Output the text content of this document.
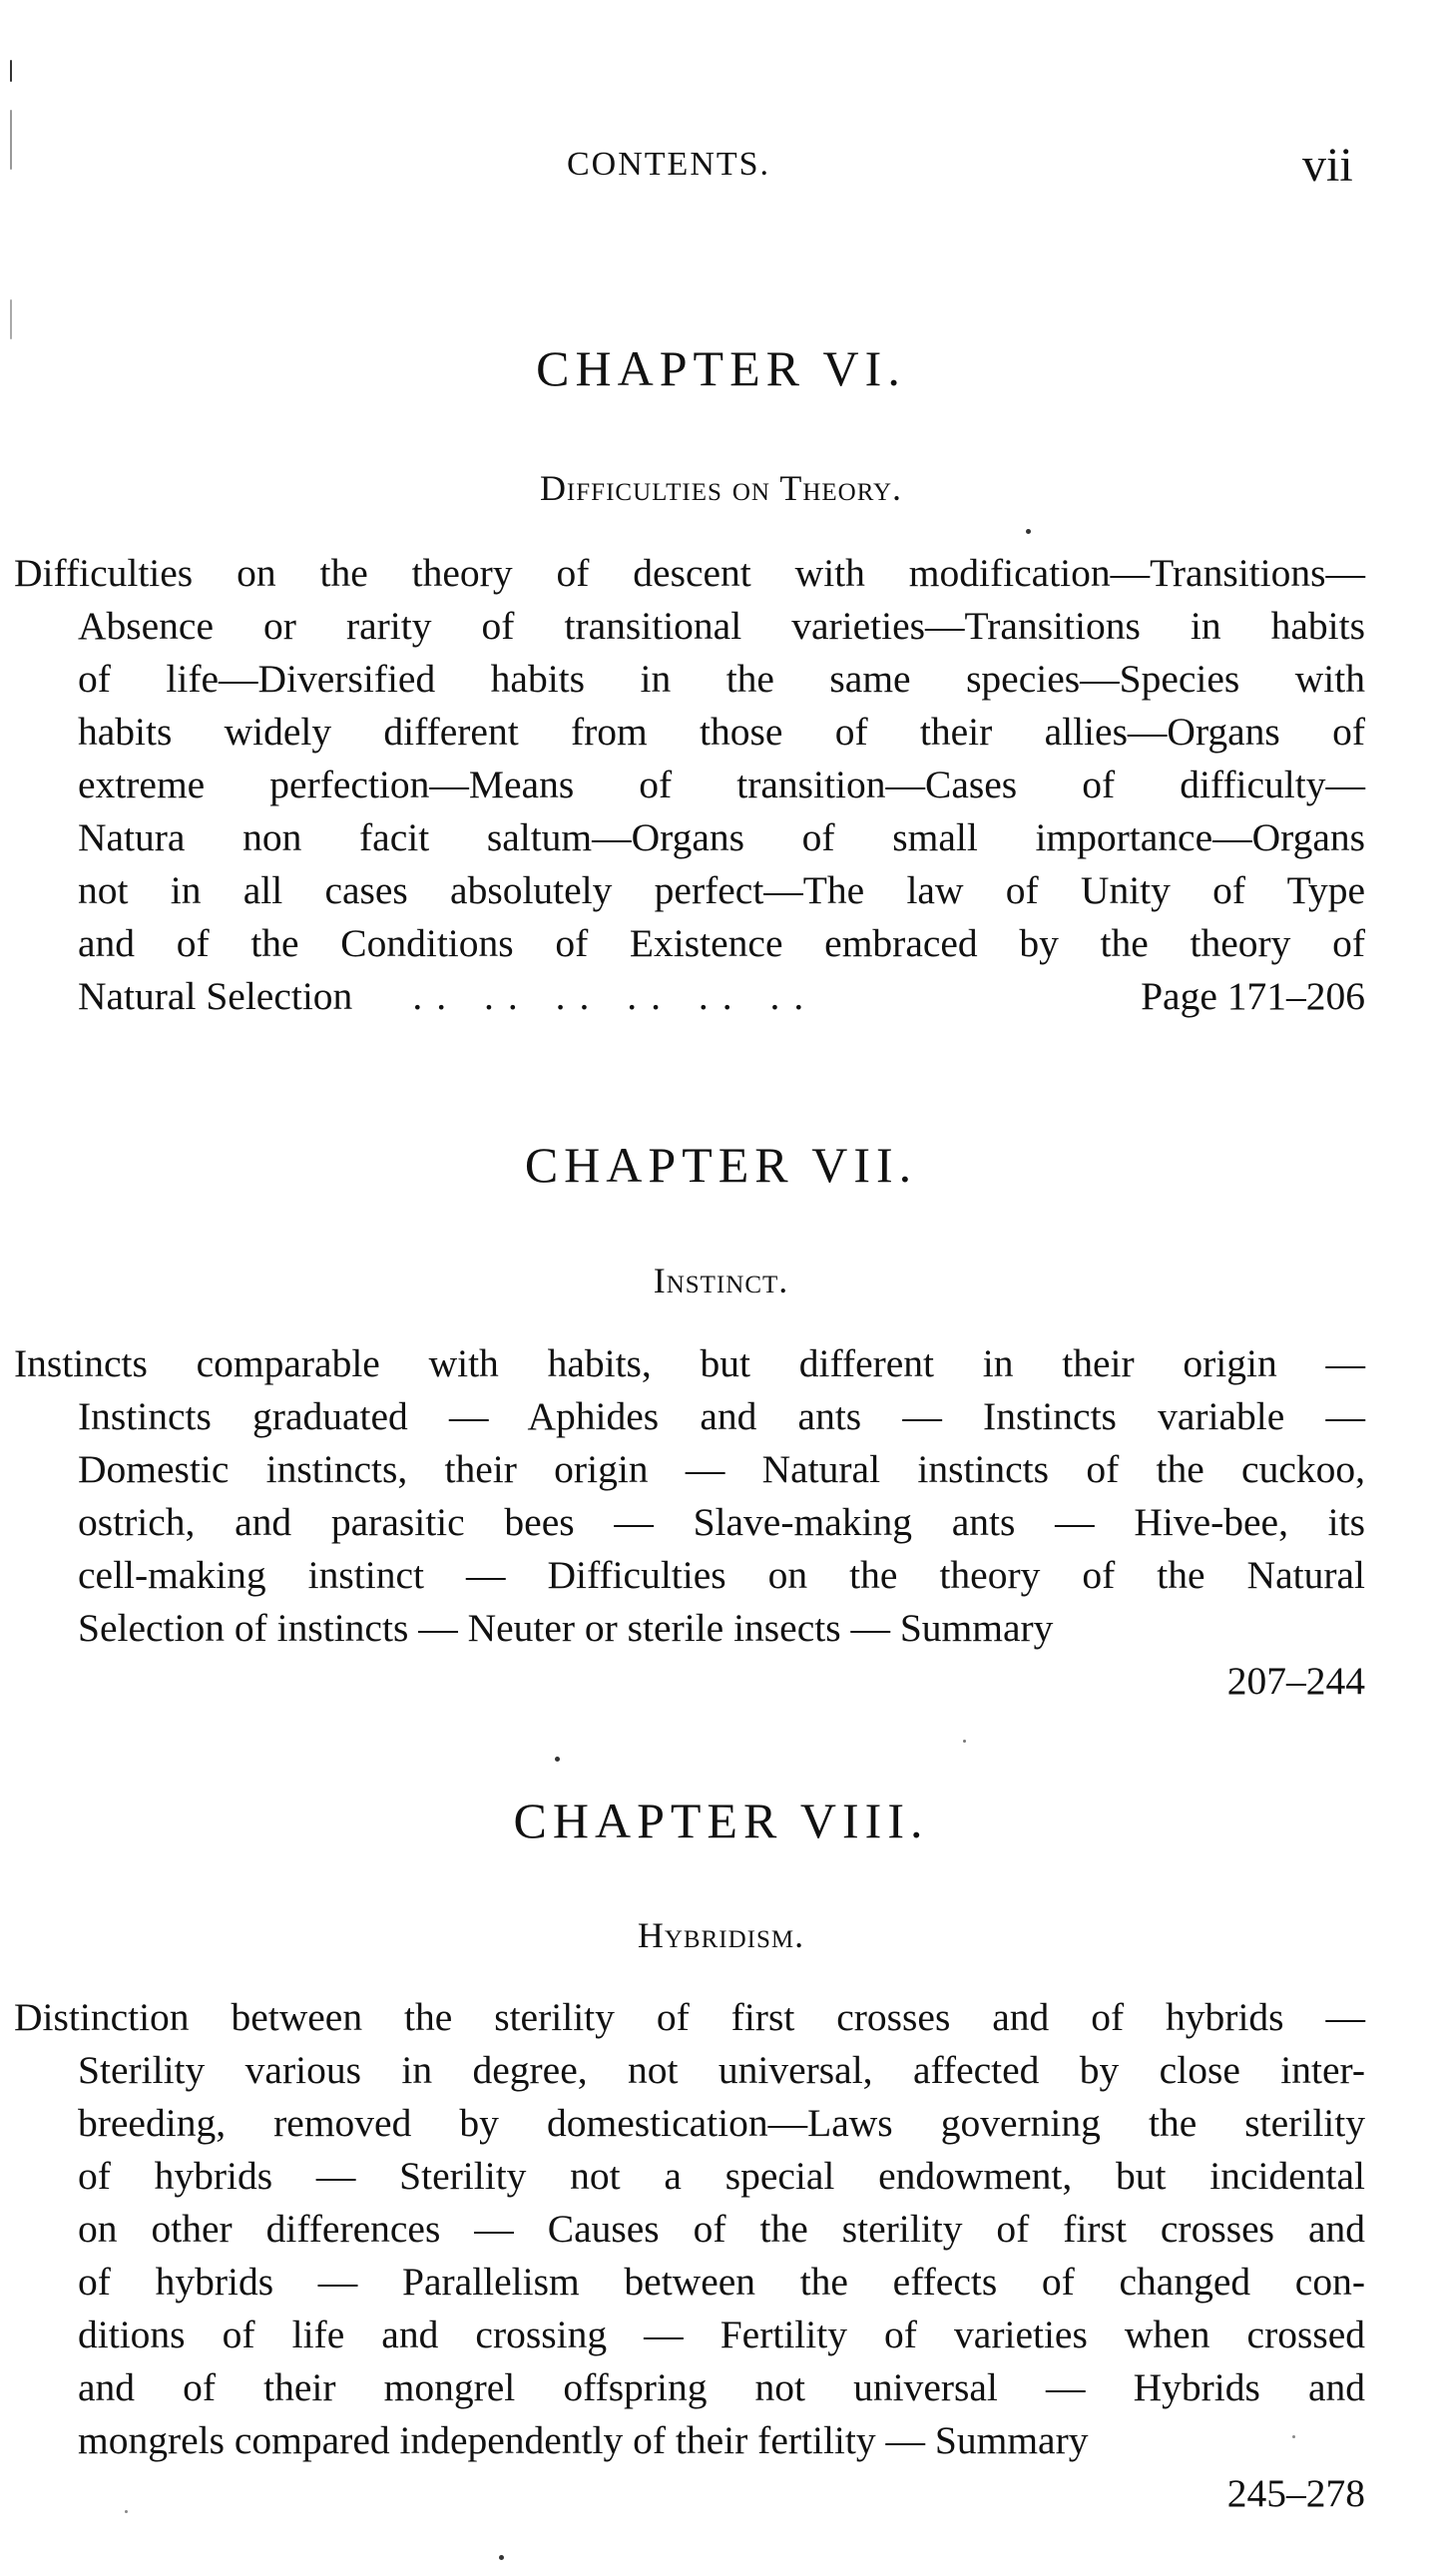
CONTENTS.	vii
CHAPTER VI.
Difficulties on Theory.
Difficulties on the theory of descent with modification—Transitions—
Absence or rarity of transitional varieties—Transitions in habits
of life—Diversified habits in the same species—Species with
habits widely different from those of their allies—Organs of
extreme perfection—Means of transition—Cases of difficulty—
Natura non facit saltum—Organs of small importance—Organs
not in all cases absolutely perfect—The law of Unity of Type
and of the Conditions of Existence embraced by the theory of
Natural Selection .. .. .. .. .. ..	Page 171–206
CHAPTER VII.
Instinct.
Instincts comparable with habits, but different in their origin —
Instincts graduated — Aphides and ants — Instincts variable —
Domestic instincts, their origin — Natural instincts of the cuckoo,
ostrich, and parasitic bees — Slave-making ants — Hive-bee, its
cell-making instinct — Difficulties on the theory of the Natural
Selection of instincts — Neuter or sterile insects — Summary
207–244
CHAPTER VIII.
Hybridism.
Distinction between the sterility of first crosses and of hybrids —
Sterility various in degree, not universal, affected by close inter-
breeding, removed by domestication—Laws governing the sterility
of hybrids — Sterility not a special endowment, but incidental
on other differences — Causes of the sterility of first crosses and
of hybrids — Parallelism between the effects of changed con-
ditions of life and crossing — Fertility of varieties when crossed
and of their mongrel offspring not universal — Hybrids and
mongrels compared independently of their fertility — Summary
245–278
